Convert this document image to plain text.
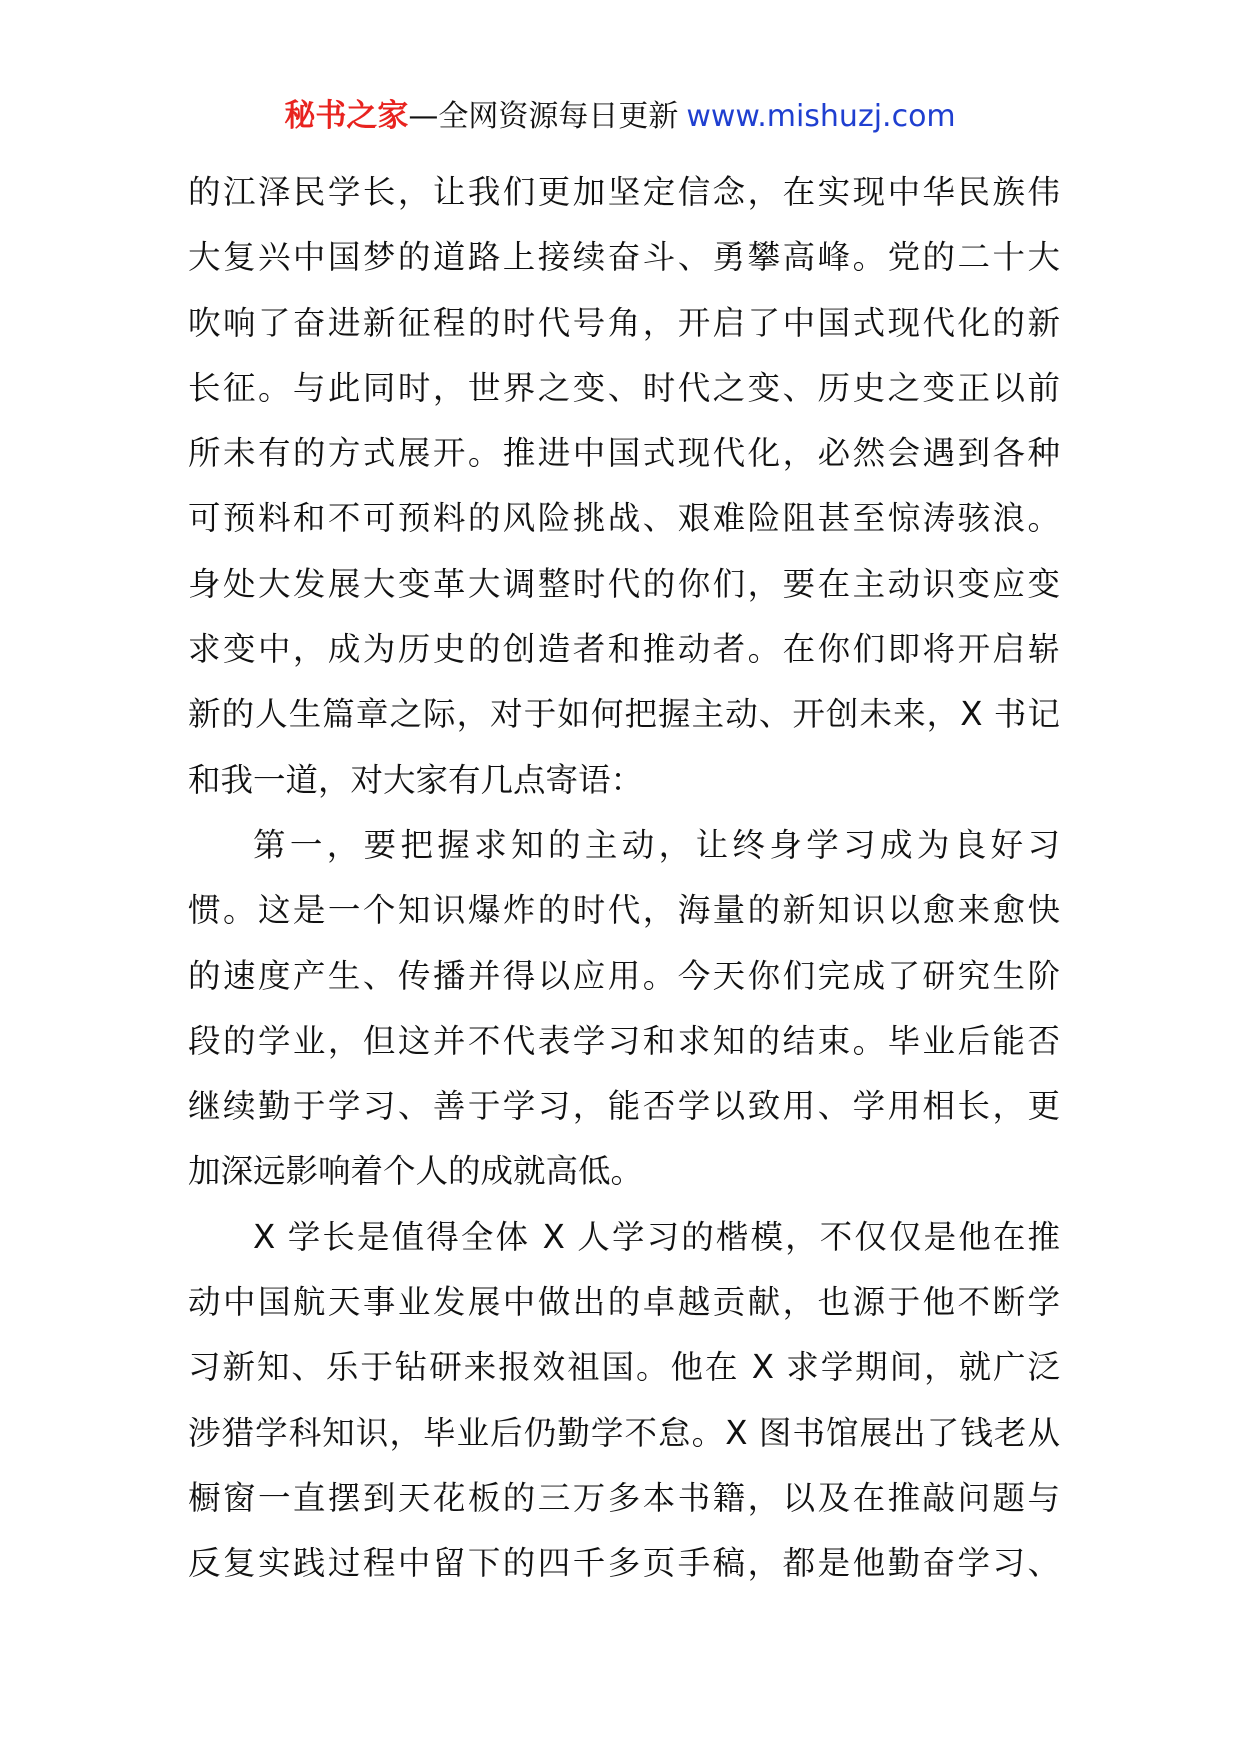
秘书之家—全网资源每日更新 www.mishuzj.com
的江泽民学长，让我们更加坚定信念，在实现中华民族伟
大复兴中国梦的道路上接续奋斗、勇攀高峰。党的二十大
吹响了奋进新征程的时代号角，开启了中国式现代化的新
长征。与此同时，世界之变、时代之变、历史之变正以前
所未有的方式展开。推进中国式现代化，必然会遇到各种
可预料和不可预料的风险挑战、艰难险阻甚至惊涛骇浪。
身处大发展大变革大调整时代的你们，要在主动识变应变
求变中，成为历史的创造者和推动者。在你们即将开启崭
新的人生篇章之际，对于如何把握主动、开创未来，X 书记
和我一道，对大家有几点寄语：
第一，要把握求知的主动，让终身学习成为良好习
惯。这是一个知识爆炸的时代，海量的新知识以愈来愈快
的速度产生、传播并得以应用。今天你们完成了研究生阶
段的学业，但这并不代表学习和求知的结束。毕业后能否
继续勤于学习、善于学习，能否学以致用、学用相长，更
加深远影响着个人的成就高低。
X 学长是值得全体 X 人学习的楷模，不仅仅是他在推
动中国航天事业发展中做出的卓越贡献，也源于他不断学
习新知、乐于钻研来报效祖国。他在 X 求学期间，就广泛
涉猎学科知识，毕业后仍勤学不怠。X 图书馆展出了钱老从
橱窗一直摆到天花板的三万多本书籍，以及在推敲问题与
反复实践过程中留下的四千多页手稿，都是他勤奋学习、
